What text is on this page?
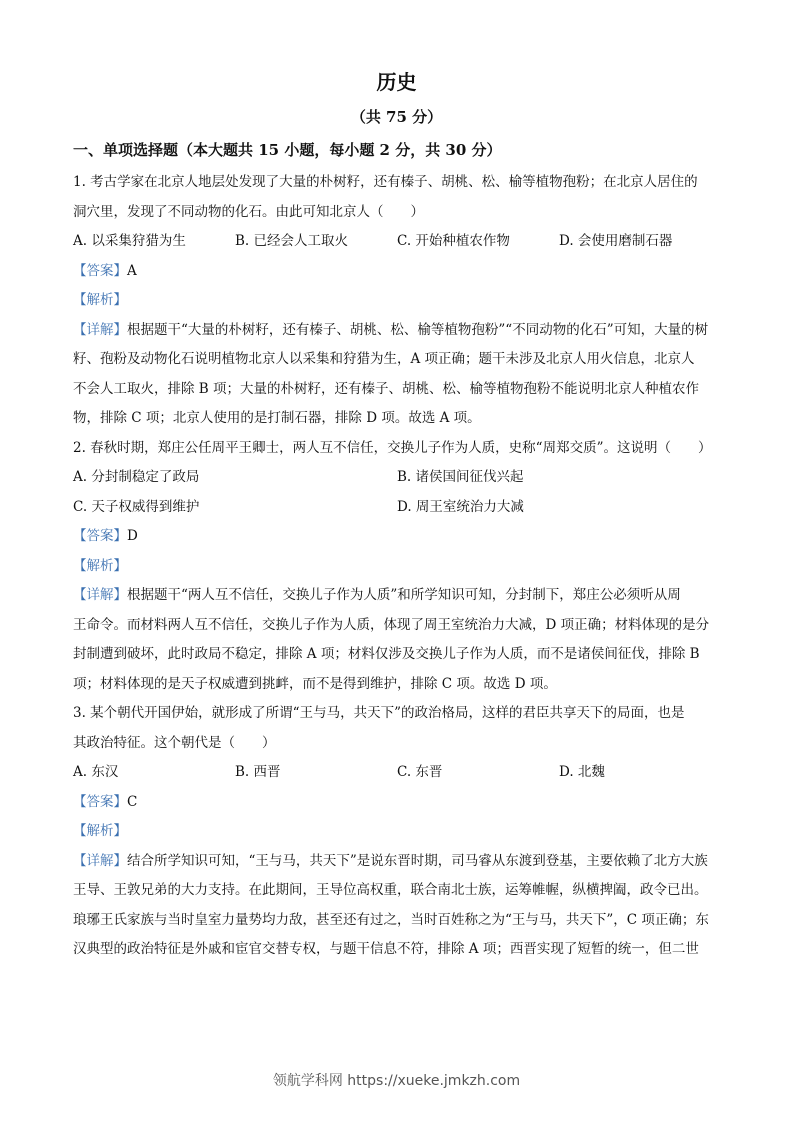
历史
（共 75 分）
一、单项选择题（本大题共 15 小题，每小题 2 分，共 30 分）
1. 考古学家在北京人地层处发现了大量的朴树籽，还有榛子、胡桃、松、榆等植物孢粉；在北京人居住的
洞穴里，发现了不同动物的化石。由此可知北京人（　　）
A. 以采集狩猎为生	B. 已经会人工取火	C. 开始种植农作物	D. 会使用磨制石器
【答案】A
【解析】
【详解】根据题干“大量的朴树籽，还有榛子、胡桃、松、榆等植物孢粉”“不同动物的化石”可知，大量的树
籽、孢粉及动物化石说明植物北京人以采集和狩猎为生，A 项正确；题干未涉及北京人用火信息，北京人
不会人工取火，排除 B 项；大量的朴树籽，还有榛子、胡桃、松、榆等植物孢粉不能说明北京人种植农作
物，排除 C 项；北京人使用的是打制石器，排除 D 项。故选 A 项。
2. 春秋时期，郑庄公任周平王卿士，两人互不信任，交换儿子作为人质，史称“周郑交质”。这说明（　　）
A. 分封制稳定了政局	B. 诸侯国间征伐兴起
C. 天子权威得到维护	D. 周王室统治力大减
【答案】D
【解析】
【详解】根据题干“两人互不信任，交换儿子作为人质”和所学知识可知，分封制下，郑庄公必须听从周
王命令。而材料两人互不信任，交换儿子作为人质，体现了周王室统治力大减，D 项正确；材料体现的是分
封制遭到破坏，此时政局不稳定，排除 A 项；材料仅涉及交换儿子作为人质，而不是诸侯间征伐，排除 B
项；材料体现的是天子权威遭到挑衅，而不是得到维护，排除 C 项。故选 D 项。
3. 某个朝代开国伊始，就形成了所谓“王与马，共天下”的政治格局，这样的君臣共享天下的局面，也是
其政治特征。这个朝代是（　　）
A. 东汉	B. 西晋	C. 东晋	D. 北魏
【答案】C
【解析】
【详解】结合所学知识可知，“王与马，共天下”是说东晋时期，司马睿从东渡到登基，主要依赖了北方大族
王导、王敦兄弟的大力支持。在此期间，王导位高权重，联合南北士族，运筹帷幄，纵横捭阖，政令已出。
琅琊王氏家族与当时皇室力量势均力敌，甚至还有过之，当时百姓称之为“王与马，共天下”，C 项正确；东
汉典型的政治特征是外戚和宦官交替专权，与题干信息不符，排除 A 项；西晋实现了短暂的统一，但二世
领航学科网 https://xueke.jmkzh.com
